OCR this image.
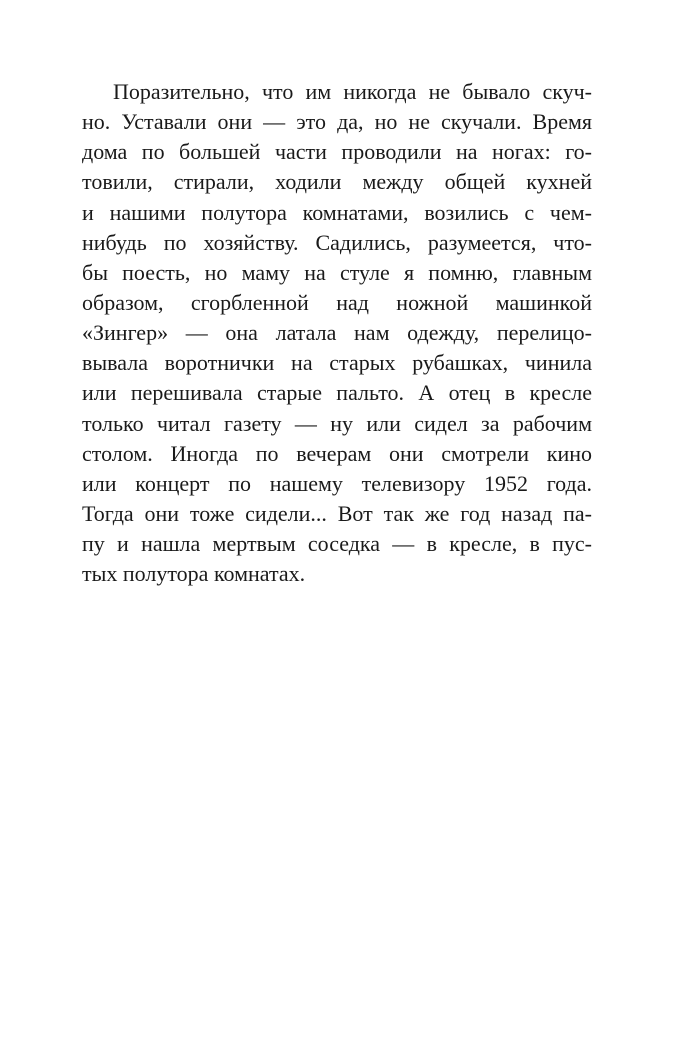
Поразительно, что им никогда не бывало скуч-
но. Уставали они — это да, но не скучали. Время
дома по большей части проводили на ногах: го-
товили, стирали, ходили между общей кухней
и нашими полутора комнатами, возились с чем-
нибудь по хозяйству. Садились, разумеется, что-
бы поесть, но маму на стуле я помню, главным
образом, сгорбленной над ножной машинкой
«Зингер» — она латала нам одежду, перелицо-
вывала воротнички на старых рубашках, чинила
или перешивала старые пальто. А отец в кресле
только читал газету — ну или сидел за рабочим
столом. Иногда по вечерам они смотрели кино
или концерт по нашему телевизору 1952 года.
Тогда они тоже сидели... Вот так же год назад па-
пу и нашла мертвым соседка — в кресле, в пус-
тых полутора комнатах.
